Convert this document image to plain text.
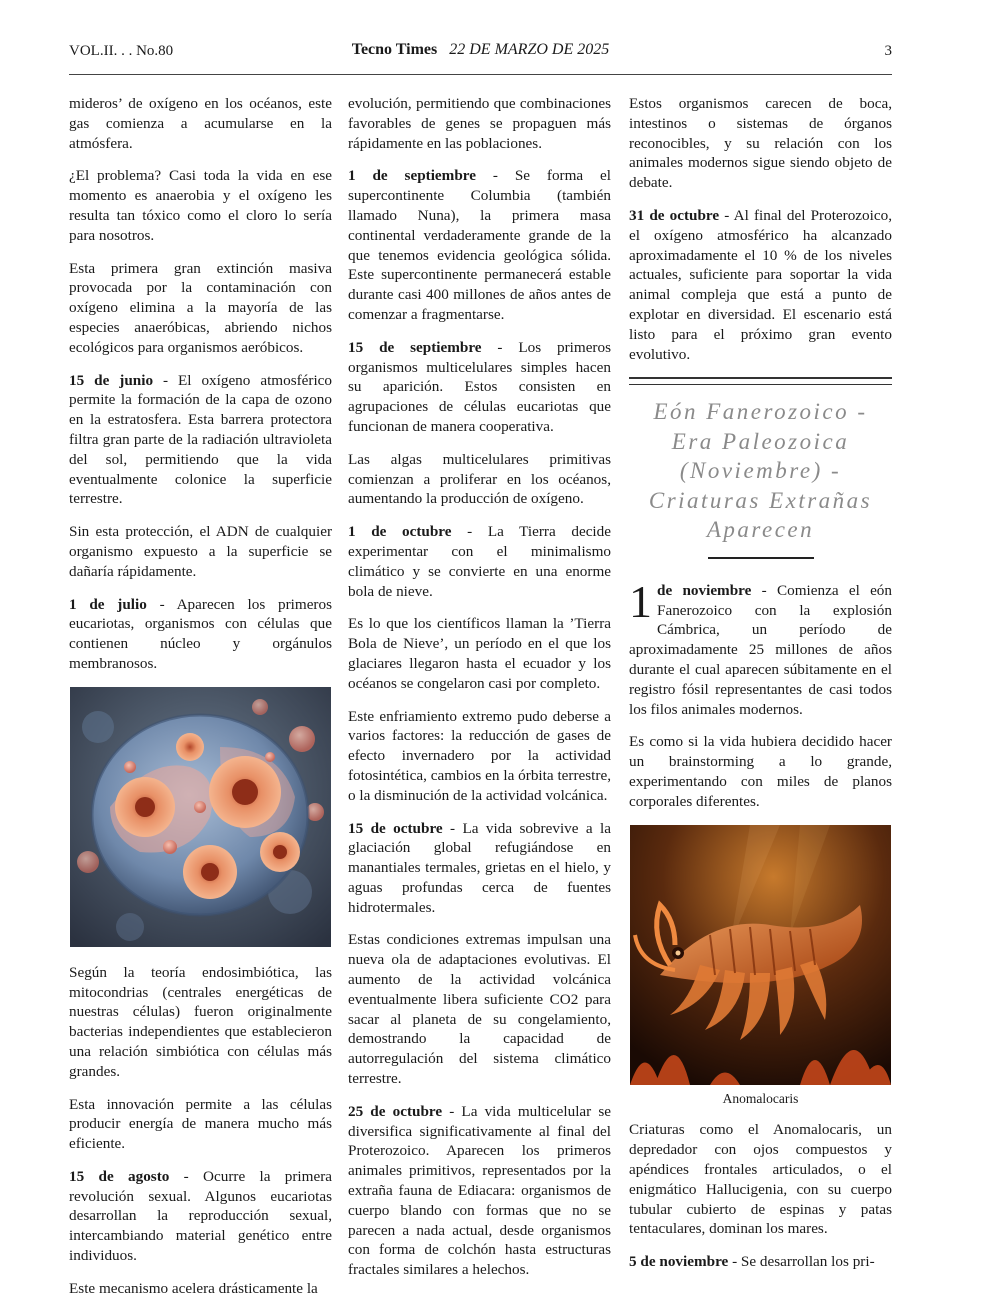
VOL.II. . . No.80	Tecno Times 22 DE MARZO DE 2025	3

mideros’ de oxígeno en los océanos, este gas comienza a acumularse en la atmósfera.

¿El problema? Casi toda la vida en ese momento es anaerobia y el oxígeno les resulta tan tóxico como el cloro lo sería para nosotros.

Esta primera gran extinción masiva provocada por la contaminación con oxígeno elimina a la mayoría de las especies anaeróbicas, abriendo nichos ecológicos para organismos aeróbicos.

15 de junio - El oxígeno atmosférico permite la formación de la capa de ozono en la estratosfera. Esta barrera protectora filtra gran parte de la radiación ultravioleta del sol, permitiendo que la vida eventualmente colonice la superficie terrestre.

Sin esta protección, el ADN de cualquier organismo expuesto a la superficie se dañaría rápidamente.

1 de julio - Aparecen los primeros eucariotas, organismos con células que contienen núcleo y orgánulos membranosos.

Según la teoría endosimbiótica, las mitocondrias (centrales energéticas de nuestras células) fueron originalmente bacterias independientes que establecieron una relación simbiótica con células más grandes.

Esta innovación permite a las células producir energía de manera mucho más eficiente.

15 de agosto - Ocurre la primera revolución sexual. Algunos eucariotas desarrollan la reproducción sexual, intercambiando material genético entre individuos.

Este mecanismo acelera drásticamente la

evolución, permitiendo que combinaciones favorables de genes se propaguen más rápidamente en las poblaciones.

1 de septiembre - Se forma el supercontinente Columbia (también llamado Nuna), la primera masa continental verdaderamente grande de la que tenemos evidencia geológica sólida. Este supercontinente permanecerá estable durante casi 400 millones de años antes de comenzar a fragmentarse.

15 de septiembre - Los primeros organismos multicelulares simples hacen su aparición. Estos consisten en agrupaciones de células eucariotas que funcionan de manera cooperativa.

Las algas multicelulares primitivas comienzan a proliferar en los océanos, aumentando la producción de oxígeno.

1 de octubre - La Tierra decide experimentar con el minimalismo climático y se convierte en una enorme bola de nieve.

Es lo que los científicos llaman la ’Tierra Bola de Nieve’, un período en el que los glaciares llegaron hasta el ecuador y los océanos se congelaron casi por completo.

Este enfriamiento extremo pudo deberse a varios factores: la reducción de gases de efecto invernadero por la actividad fotosintética, cambios en la órbita terrestre, o la disminución de la actividad volcánica.

15 de octubre - La vida sobrevive a la glaciación global refugiándose en manantiales termales, grietas en el hielo, y aguas profundas cerca de fuentes hidrotermales.

Estas condiciones extremas impulsan una nueva ola de adaptaciones evolutivas. El aumento de la actividad volcánica eventualmente libera suficiente CO2 para sacar al planeta de su congelamiento, demostrando la capacidad de autorregulación del sistema climático terrestre.

25 de octubre - La vida multicelular se diversifica significativamente al final del Proterozoico. Aparecen los primeros animales primitivos, representados por la extraña fauna de Ediacara: organismos de cuerpo blando con formas que no se parecen a nada actual, desde organismos con forma de colchón hasta estructuras fractales similares a helechos.

Estos organismos carecen de boca, intestinos o sistemas de órganos reconocibles, y su relación con los animales modernos sigue siendo objeto de debate.

31 de octubre - Al final del Proterozoico, el oxígeno atmosférico ha alcanzado aproximadamente el 10 % de los niveles actuales, suficiente para soportar la vida animal compleja que está a punto de explotar en diversidad. El escenario está listo para el próximo gran evento evolutivo.

Eón Fanerozoico - Era Paleozoica (Noviembre) - Criaturas Extrañas Aparecen

1 de noviembre - Comienza el eón Fanerozoico con la explosión Cámbrica, un período de aproximadamente 25 millones de años durante el cual aparecen súbitamente en el registro fósil representantes de casi todos los filos animales modernos.

Es como si la vida hubiera decidido hacer un brainstorming a lo grande, experimentando con miles de planos corporales diferentes.

Anomalocaris

Criaturas como el Anomalocaris, un depredador con ojos compuestos y apéndices frontales articulados, o el enigmático Hallucigenia, con su cuerpo tubular cubierto de espinas y patas tentaculares, dominan los mares.

5 de noviembre - Se desarrollan los pri-
